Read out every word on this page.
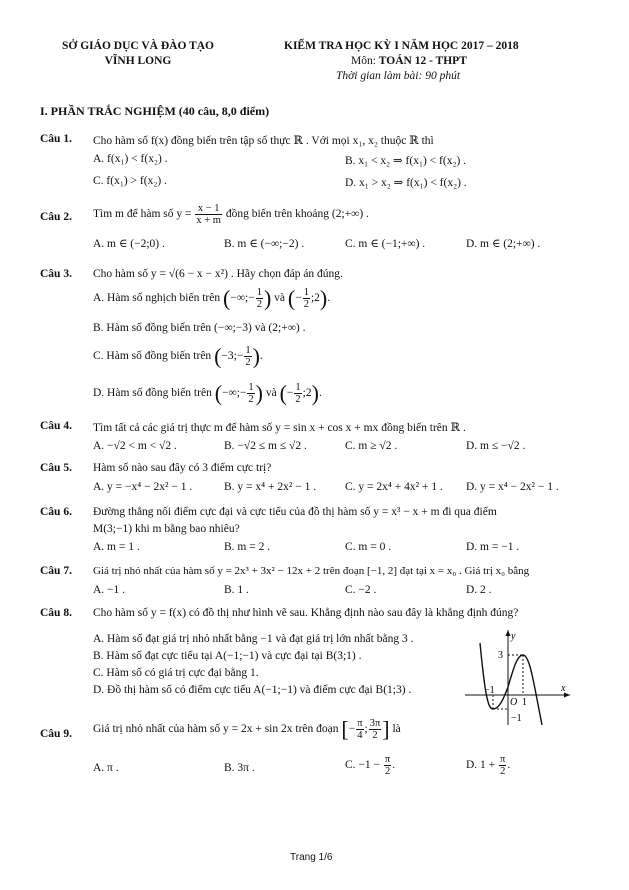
SỞ GIÁO DỤC VÀ ĐÀO TẠO
VĨNH LONG
KIỂM TRA HỌC KỲ I NĂM HỌC 2017 – 2018
Môn: TOÁN 12 - THPT
Thời gian làm bài: 90 phút
I. PHẦN TRẮC NGHIỆM (40 câu, 8,0 điểm)
Câu 1. Cho hàm số f(x) đồng biến trên tập số thực ℝ . Với mọi x₁, x₂ thuộc ℝ thì
A. f(x₁) < f(x₂) .	B. x₁ < x₂ ⇒ f(x₁) < f(x₂) .
C. f(x₁) > f(x₂) .	D. x₁ > x₂ ⇒ f(x₁) < f(x₂) .
Câu 2. Tìm m để hàm số $y = \frac{x - 1}{x + m}$ đồng biến trên khoảng (2;+∞) .
A. m ∈ (−2;0) .	B. m ∈ (−∞;−2) .	C. m ∈ (−1;+∞) .	D. m ∈ (2;+∞) .
Câu 3. Cho hàm số y = √(6 − x − x²) . Hãy chọn đáp án đúng.
A. Hàm số nghịch biến trên (−∞;− $\frac{1}{2}$ ) và (− $\frac{1}{2}$ ;2).
B. Hàm số đồng biến trên (−∞;−3) và (2;+∞) .
C. Hàm số đồng biến trên (−3;− $\frac{1}{2}$ ).
D. Hàm số đồng biến trên (−∞;− $\frac{1}{2}$ ) và (− $\frac{1}{2}$ ;2).
Câu 4. Tìm tất cả các giá trị thực m để hàm số y = sin x + cos x + mx đồng biến trên ℝ .
A. −√2 < m < √2 .	B. −√2 ≤ m ≤ √2 .	C. m ≥ √2 .	D. m ≤ −√2 .
Câu 5. Hàm số nào sau đây có 3 điểm cực trị?
A. y = −x⁴ − 2x² − 1 .	B. y = x⁴ + 2x² − 1 .	C. y = 2x⁴ + 4x² + 1 . D. y = x⁴ − 2x² − 1 .
Câu 6. Đường thẳng nối điểm cực đại và cực tiểu của đồ thị hàm số y = x³ − x + m đi qua điểm
M(3;−1) khi m bằng bao nhiêu?
A. m = 1 .	B. m = 2 .	C. m = 0 .	D. m = −1 .
Câu 7. Giá trị nhỏ nhất của hàm số y = 2x³ + 3x² − 12x + 2 trên đoạn [−1, 2] đạt tại x = x₀ . Giá trị x₀ bằng
A. −1 .	B. 1 .	C. −2 .	D. 2 .
Câu 8. Cho hàm số y = f(x) có đồ thị như hình vẽ sau. Khẳng định nào sau đây là khẳng định đúng?
A. Hàm số đạt giá trị nhỏ nhất bằng −1 và đạt giá trị lớn nhất bằng 3 .
B. Hàm số đạt cực tiểu tại A(−1;−1) và cực đại tại B(3;1) .
C. Hàm số có giá trị cực đại bằng 1.
D. Đồ thị hàm số có điểm cực tiểu A(−1;−1) và điểm cực đại B(1;3) .
y
x
O
3
−1
1
−1
Câu 9. Giá trị nhỏ nhất của hàm số y = 2x + sin 2x trên đoạn [− $\frac{\pi}{4}$ ; $\frac{3\pi}{2}$ ] là
A. π .	B. 3π .	C. $-1 - \frac{\pi}{2}$ .	D. $1 + \frac{\pi}{2}$ .
Trang 1/6
